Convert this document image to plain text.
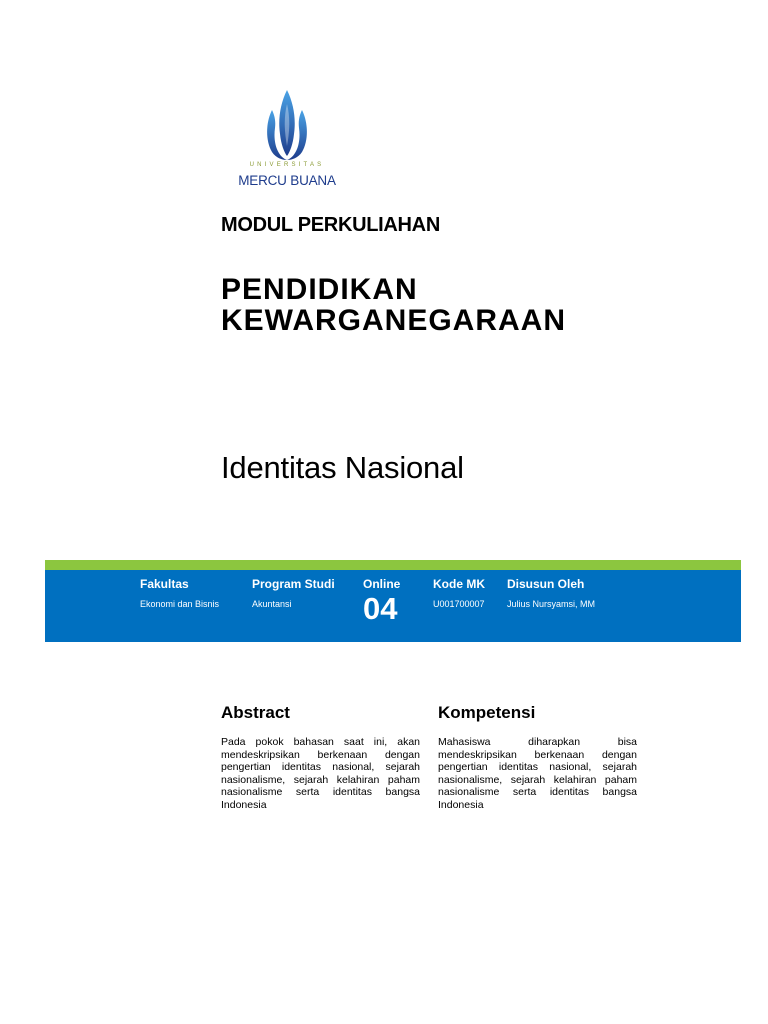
UNIVERSITAS
MERCU BUANA
MODUL PERKULIAHAN
PENDIDIKAN
KEWARGANEGARAAN
Identitas Nasional
Fakultas
Ekonomi dan Bisnis
Program Studi
Akuntansi
Online
04
Kode MK
U001700007
Disusun Oleh
Julius Nursyamsi, MM
Abstract
Pada pokok bahasan saat ini, akan mendeskripsikan berkenaan dengan pengertian identitas nasional, sejarah nasionalisme, sejarah kelahiran paham nasionalisme serta identitas bangsa Indonesia
Kompetensi
Mahasiswa diharapkan bisa mendeskripsikan berkenaan dengan pengertian identitas nasional, sejarah nasionalisme, sejarah kelahiran paham nasionalisme serta identitas bangsa Indonesia
